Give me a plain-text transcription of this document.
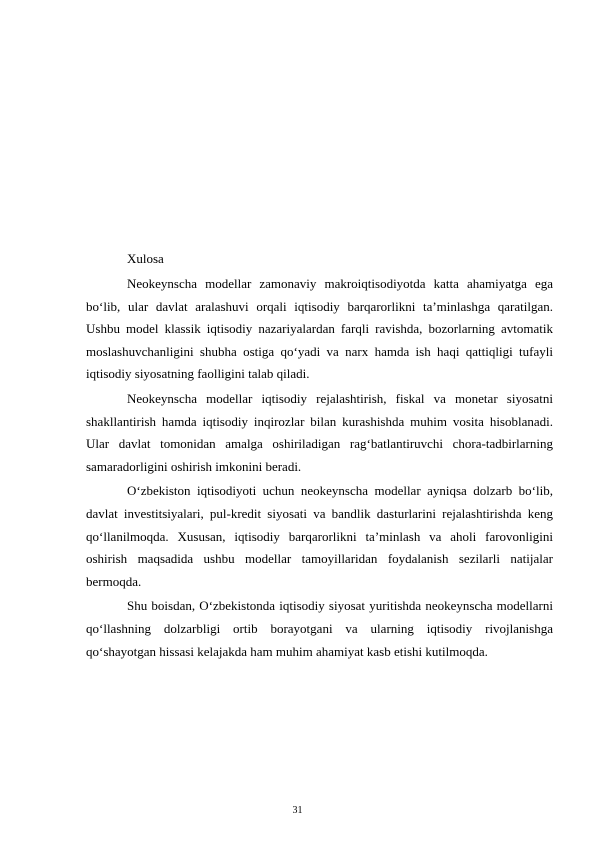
Xulosa

Neokeynscha modellar zamonaviy makroiqtisodiyotda katta ahamiyatga ega bo‘lib, ular davlat aralashuvi orqali iqtisodiy barqarorlikni ta’minlashga qaratilgan. Ushbu model klassik iqtisodiy nazariyalardan farqli ravishda, bozorlarning avtomatik moslashuvchanligini shubha ostiga qo‘yadi va narx hamda ish haqi qattiqligi tufayli iqtisodiy siyosatning faolligini talab qiladi.

Neokeynscha modellar iqtisodiy rejalashtirish, fiskal va monetar siyosatni shakllantirish hamda iqtisodiy inqirozlar bilan kurashishda muhim vosita hisoblanadi. Ular davlat tomonidan amalga oshiriladigan rag‘batlantiruvchi chora-tadbirlarning samaradorligini oshirish imkonini beradi.

O‘zbekiston iqtisodiyoti uchun neokeynscha modellar ayniqsa dolzarb bo‘lib, davlat investitsiyalari, pul-kredit siyosati va bandlik dasturlarini rejalashtirishda keng qo‘llanilmoqda. Xususan, iqtisodiy barqarorlikni ta’minlash va aholi farovonligini oshirish maqsadida ushbu modellar tamoyillaridan foydalanish sezilarli natijalar bermoqda.

Shu boisdan, O‘zbekistonda iqtisodiy siyosat yuritishda neokeynscha modellarni qo‘llashning dolzarbligi ortib borayotgani va ularning iqtisodiy rivojlanishga qo‘shayotgan hissasi kelajakda ham muhim ahamiyat kasb etishi kutilmoqda.

31
